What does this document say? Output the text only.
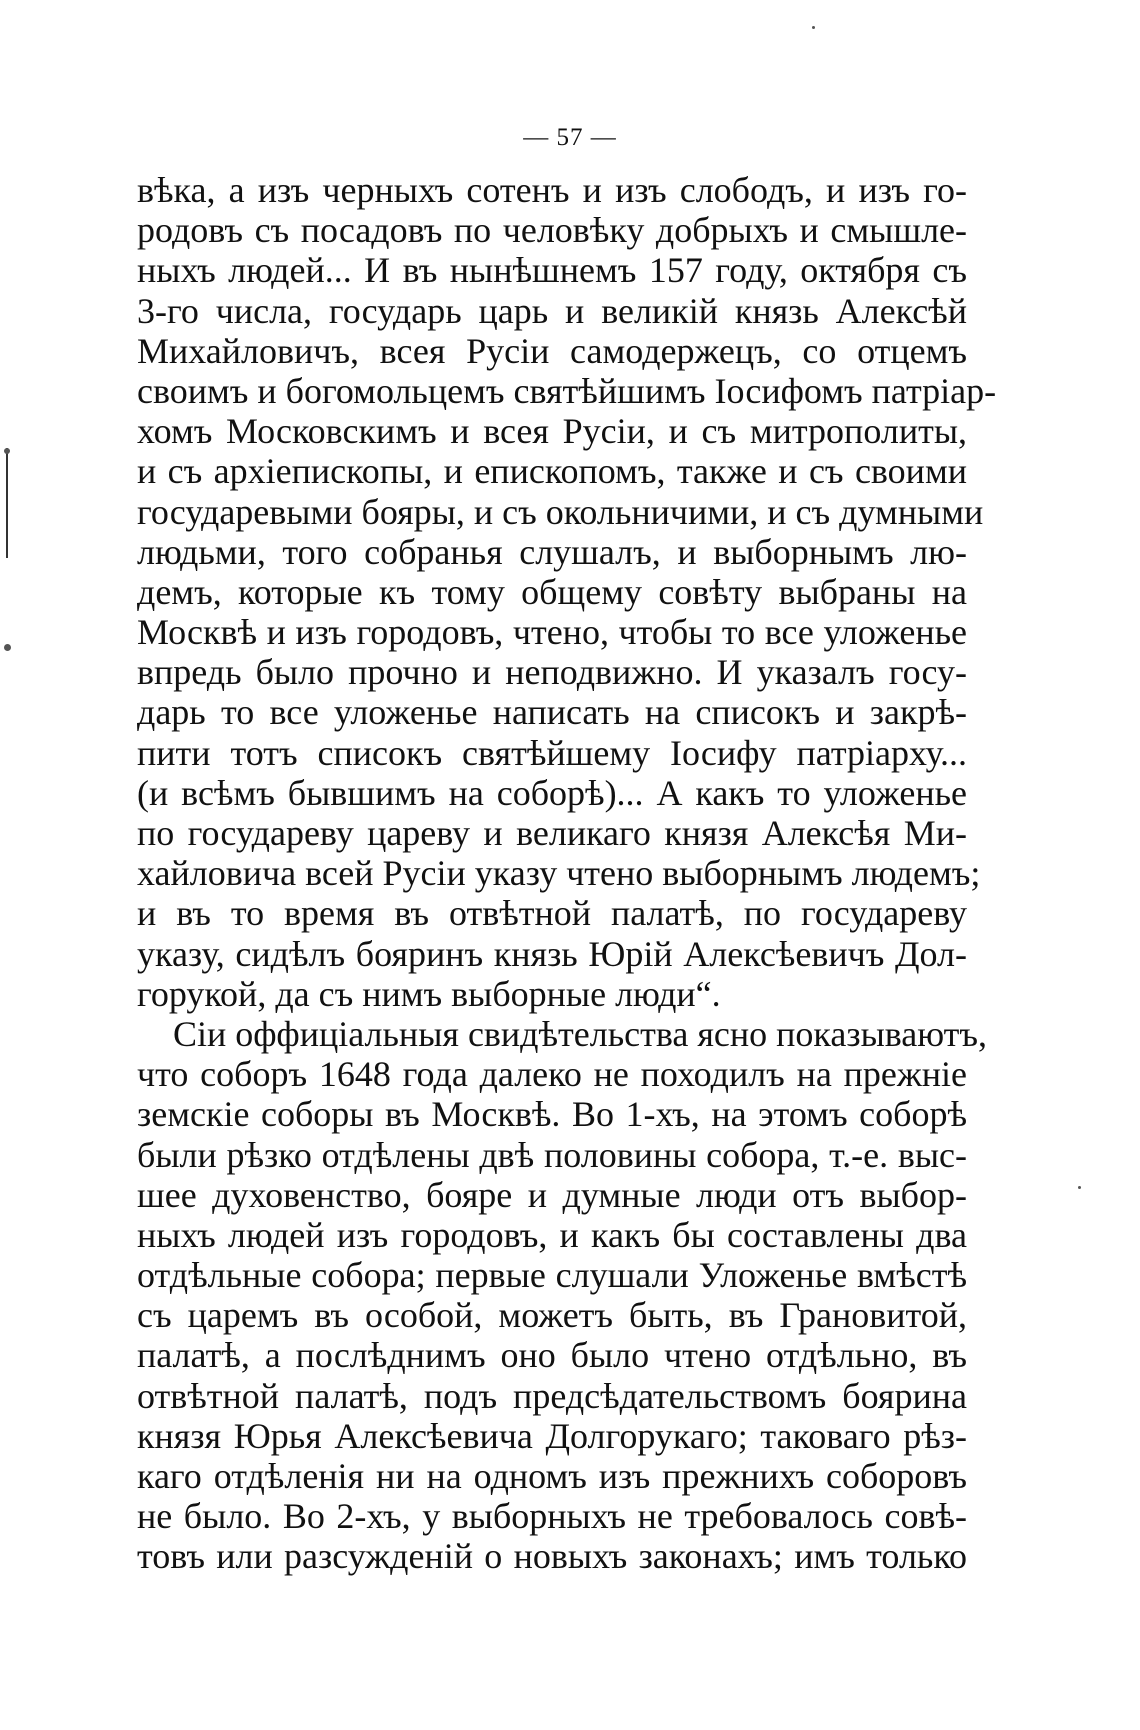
— 57 —
вѣка, а изъ черныхъ сотенъ и изъ слободъ, и изъ го-
родовъ съ посадовъ по человѣку добрыхъ и смышле-
ныхъ людей... И въ нынѣшнемъ 157 году, октября съ
3-го числа, государь царь и великій князь Алексѣй
Михайловичъ, всея Русіи самодержецъ, со отцемъ
своимъ и богомольцемъ святѣйшимъ Іосифомъ патріар-
хомъ Московскимъ и всея Русіи, и съ митрополиты,
и съ архіепископы, и епископомъ, также и съ своими
государевыми бояры, и съ окольничими, и съ думными
людьми, того собранья слушалъ, и выборнымъ лю-
демъ, которые къ тому общему совѣту выбраны на
Москвѣ и изъ городовъ, чтено, чтобы то все уложенье
впредь было прочно и неподвижно. И указалъ госу-
дарь то все уложенье написать на списокъ и закрѣ-
пити тотъ списокъ святѣйшему Іосифу патріарху...
(и всѣмъ бывшимъ на соборѣ)... А какъ то уложенье
по государеву цареву и великаго князя Алексѣя Ми-
хайловича всей Русіи указу чтено выборнымъ людемъ;
и въ то время въ отвѣтной палатѣ, по государеву
указу, сидѣлъ бояринъ князь Юрій Алексѣевичъ Дол-
горукой, да съ нимъ выборные люди“.
Сіи оффиціальныя свидѣтельства ясно показываютъ,
что соборъ 1648 года далеко не походилъ на прежніе
земскіе соборы въ Москвѣ. Во 1-хъ, на этомъ соборѣ
были рѣзко отдѣлены двѣ половины собора, т.-е. выс-
шее духовенство, бояре и думные люди отъ выбор-
ныхъ людей изъ городовъ, и какъ бы составлены два
отдѣльные собора; первые слушали Уложенье вмѣстѣ
съ царемъ въ особой, можетъ быть, въ Грановитой,
палатѣ, а послѣднимъ оно было чтено отдѣльно, въ
отвѣтной палатѣ, подъ предсѣдательствомъ боярина
князя Юрья Алексѣевича Долгорукаго; таковаго рѣз-
каго отдѣленія ни на одномъ изъ прежнихъ соборовъ
не было. Во 2-хъ, у выборныхъ не требовалось совѣ-
товъ или разсужденій о новыхъ законахъ; имъ только
